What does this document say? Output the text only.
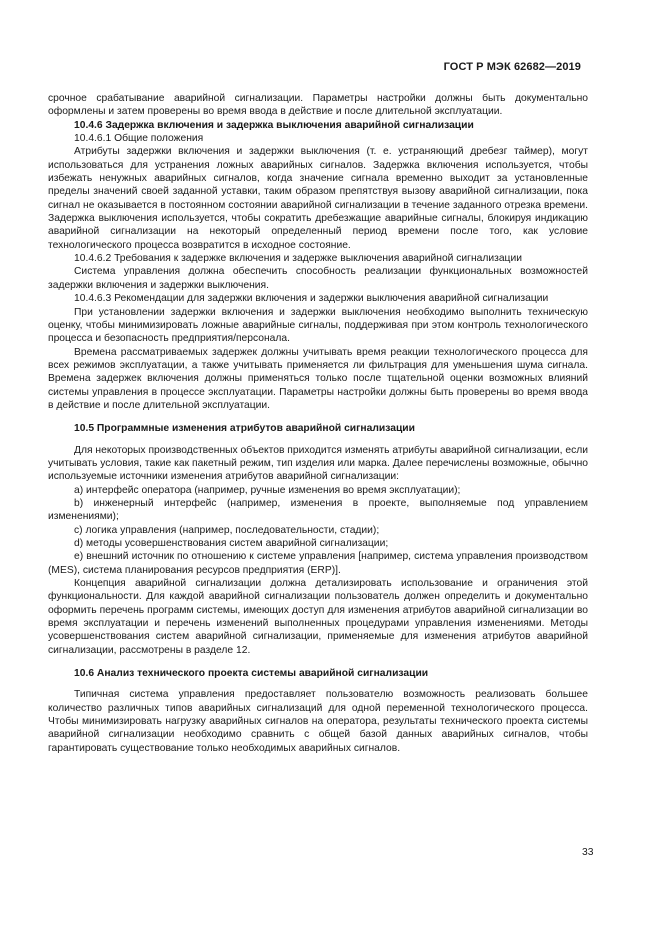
ГОСТ Р МЭК 62682—2019

срочное срабатывание аварийной сигнализации. Параметры настройки должны быть документально оформлены и затем проверены во время ввода в действие и после длительной эксплуатации.

10.4.6 Задержка включения и задержка выключения аварийной сигнализации

10.4.6.1 Общие положения

Атрибуты задержки включения и задержки выключения (т. е. устраняющий дребезг таймер), могут использоваться для устранения ложных аварийных сигналов. Задержка включения используется, чтобы избежать ненужных аварийных сигналов, когда значение сигнала временно выходит за установленные пределы значений своей заданной уставки, таким образом препятствуя вызову аварийной сигнализации, пока сигнал не оказывается в постоянном состоянии аварийной сигнализации в течение заданного отрезка времени. Задержка выключения используется, чтобы сократить дребезжащие аварийные сигналы, блокируя индикацию аварийной сигнализации на некоторый определенный период времени после того, как условие технологического процесса возвратится в исходное состояние.

10.4.6.2 Требования к задержке включения и задержке выключения аварийной сигнализации

Система управления должна обеспечить способность реализации функциональных возможностей задержки включения и задержки выключения.

10.4.6.3 Рекомендации для задержки включения и задержки выключения аварийной сигнализации

При установлении задержки включения и задержки выключения необходимо выполнить техническую оценку, чтобы минимизировать ложные аварийные сигналы, поддерживая при этом контроль технологического процесса и безопасность предприятия/персонала.

Времена рассматриваемых задержек должны учитывать время реакции технологического процесса для всех режимов эксплуатации, а также учитывать применяется ли фильтрация для уменьшения шума сигнала. Времена задержек включения должны применяться только после тщательной оценки возможных влияний системы управления в процессе эксплуатации. Параметры настройки должны быть проверены во время ввода в действие и после длительной эксплуатации.

10.5 Программные изменения атрибутов аварийной сигнализации

Для некоторых производственных объектов приходится изменять атрибуты аварийной сигнализации, если учитывать условия, такие как пакетный режим, тип изделия или марка. Далее перечислены возможные, обычно используемые источники изменения атрибутов аварийной сигнализации:

a) интерфейс оператора (например, ручные изменения во время эксплуатации);

b) инженерный интерфейс (например, изменения в проекте, выполняемые под управлением изменениями);

c) логика управления (например, последовательности, стадии);

d) методы усовершенствования систем аварийной сигнализации;

e) внешний источник по отношению к системе управления [например, система управления производством (MES), система планирования ресурсов предприятия (ERP)].

Концепция аварийной сигнализации должна детализировать использование и ограничения этой функциональности. Для каждой аварийной сигнализации пользователь должен определить и документально оформить перечень программ системы, имеющих доступ для изменения атрибутов аварийной сигнализации во время эксплуатации и перечень изменений выполненных процедурами управления изменениями. Методы усовершенствования систем аварийной сигнализации, применяемые для изменения атрибутов аварийной сигнализации, рассмотрены в разделе 12.

10.6 Анализ технического проекта системы аварийной сигнализации

Типичная система управления предоставляет пользователю возможность реализовать большее количество различных типов аварийных сигнализаций для одной переменной технологического процесса. Чтобы минимизировать нагрузку аварийных сигналов на оператора, результаты технического проекта системы аварийной сигнализации необходимо сравнить с общей базой данных аварийных сигналов, чтобы гарантировать существование только необходимых аварийных сигналов.

33
